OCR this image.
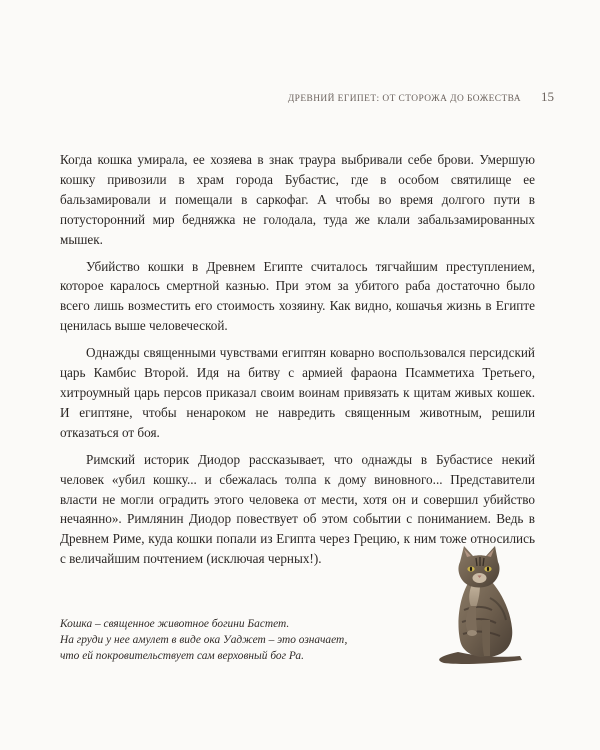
ДРЕВНИЙ ЕГИПЕТ: ОТ СТОРОЖА ДО БОЖЕСТВА 15

Когда кошка умирала, ее хозяева в знак траура выбривали себе брови. Умершую кошку привозили в храм города Бубастис, где в особом святилище ее бальзамировали и помещали в саркофаг. А чтобы во время долгого пути в потусторонний мир бедняжка не голодала, туда же клали забальзамированных мышек.

Убийство кошки в Древнем Египте считалось тягчайшим преступлением, которое каралось смертной казнью. При этом за убитого раба достаточно было всего лишь возместить его стоимость хозяину. Как видно, кошачья жизнь в Египте ценилась выше человеческой.

Однажды священными чувствами египтян коварно воспользовался персидский царь Камбис Второй. Идя на битву с армией фараона Псамметиха Третьего, хитроумный царь персов приказал своим воинам привязать к щитам живых кошек. И египтяне, чтобы ненароком не навредить священным животным, решили отказаться от боя.

Римский историк Диодор рассказывает, что однажды в Бубастисе некий человек «убил кошку... и сбежалась толпа к дому виновного... Представители власти не могли оградить этого человека от мести, хотя он и совершил убийство нечаянно». Римлянин Диодор повествует об этом событии с пониманием. Ведь в Древнем Риме, куда кошки попали из Египта через Грецию, к ним тоже относились с величайшим почтением (исключая черных!).

Кошка – священное животное богини Бастет.
На груди у нее амулет в виде ока Уаджет – это означает,
что ей покровительствует сам верховный бог Ра.
